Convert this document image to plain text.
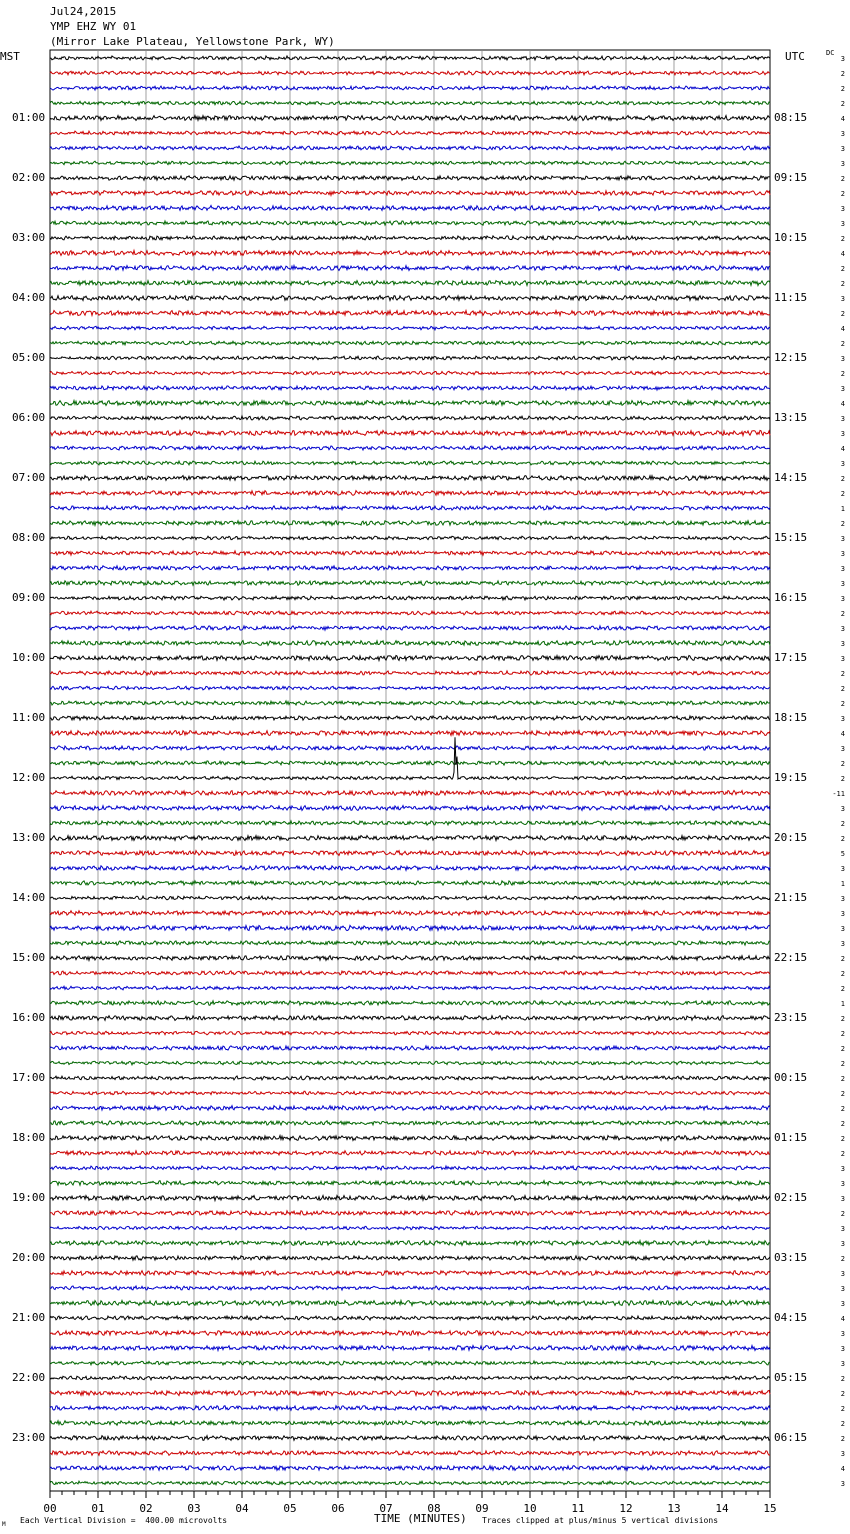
3
2
2
2
4
3
3
3
2
2
3
3
2
4
2
2
3
2
4
2
3
2
3
4
3
3
4
3
2
2
1
2
3
3
3
3
3
2
3
3
3
2
2
2
3
4
3
2
2
-11
3
2
2
5
3
1
3
3
3
3
2
2
2
1
2
2
2
2
2
2
2
2
2
2
3
3
3
2
3
3
2
3
3
3
4
3
3
3
2
2
2
2
2
3
4
3
00	01	02	03	04	05	06	07	08	09	10	11	12	13	14	15
Jul24,2015
YMP EHZ WY 01
(Mirror Lake Plateau, Yellowstone Park, WY)
MST	UTC	DC
01:00	08:15
02:00	09:15
03:00	10:15
04:00	11:15
05:00	12:15
06:00	13:15
07:00	14:15
08:00	15:15
09:00	16:15
10:00	17:15
11:00	18:15
12:00	19:15
13:00	20:15
14:00	21:15
15:00	22:15
16:00	23:15
17:00	00:15
18:00	01:15
19:00	02:15
20:00	03:15
21:00	04:15
22:00	05:15
23:00	06:15
TIME (MINUTES)
Each Vertical Division =  400.00 microvolts	Traces clipped at plus/minus 5 vertical divisions
M
